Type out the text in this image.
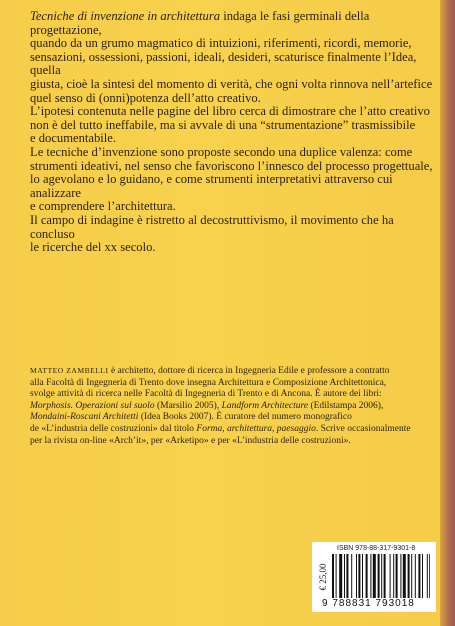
Tecniche di invenzione in architettura indaga le fasi germinali della progettazione,
quando da un grumo magmatico di intuizioni, riferimenti, ricordi, memorie,
sensazioni, ossessioni, passioni, ideali, desideri, scaturisce finalmente l’Idea, quella
giusta, cioè la sintesi del momento di verità, che ogni volta rinnova nell’artefice
quel senso di (onni)potenza dell’atto creativo.

L’ipotesi contenuta nelle pagine del libro cerca di dimostrare che l’atto creativo
non è del tutto ineffabile, ma si avvale di una “strumentazione” trasmissibile
e documentabile.

Le tecniche d’invenzione sono proposte secondo una duplice valenza: come
strumenti ideativi, nel senso che favoriscono l’innesco del processo progettuale,
lo agevolano e lo guidano, e come strumenti interpretativi attraverso cui analizzare
e comprendere l’architettura.

Il campo di indagine è ristretto al decostruttivismo, il movimento che ha concluso
le ricerche del xx secolo.

MATTEO ZAMBELLI è architetto, dottore di ricerca in Ingegneria Edile e professore a contratto
alla Facoltà di Ingegneria di Trento dove insegna Architettura e Composizione Architettonica,
svolge attività di ricerca nelle Facoltà di Ingegneria di Trento e di Ancona. È autore dei libri:
Morphosis. Operazioni sul suolo (Marsilio 2005), Landform Architecture (Edilstampa 2006),
Mondaini-Roscani Architetti (Idea Books 2007). È curatore del numero monografico
de «L’industria delle costruzioni» dal titolo Forma, architettura, paesaggio. Scrive occasionalmente
per la rivista on-line «Arch’it», per «Arketipo» e per «L’industria delle costruzioni».
ISBN 978-88-317-9301-8
€ 25,00
9 788831 793018
